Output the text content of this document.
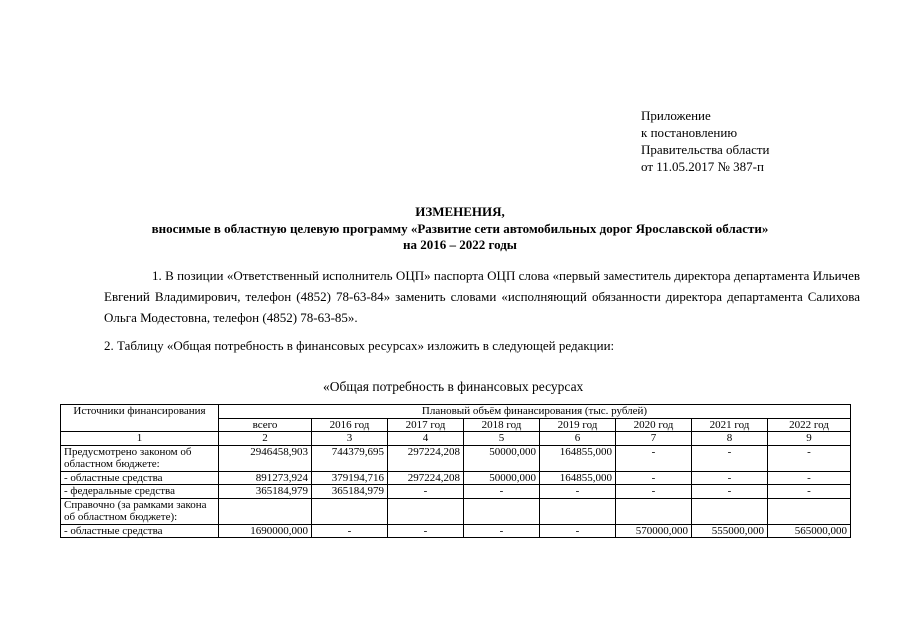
Приложение
к постановлению
Правительства области
от 11.05.2017 № 387-п
ИЗМЕНЕНИЯ,
вносимые в областную целевую программу «Развитие сети автомобильных дорог Ярославской области»
на 2016 – 2022 годы
1. В позиции «Ответственный исполнитель ОЦП» паспорта ОЦП слова «первый заместитель директора департамента Ильичев Евгений Владимирович, телефон (4852) 78-63-84» заменить словами «исполняющий обязанности директора департамента Салихова Ольга Модестовна, телефон (4852) 78-63-85».
2. Таблицу «Общая потребность в финансовых ресурсах» изложить в следующей редакции:
«Общая потребность в финансовых ресурсах
Источники финансирования	Плановый объём финансирования (тыс. рублей)							
	всего	2016 год	2017 год	2018 год	2019 год	2020 год	2021 год	2022 год
1	2	3	4	5	6	7	8	9
Предусмотрено законом об областном бюджете:	2946458,903	744379,695	297224,208	50000,000	164855,000	-	-	-
- областные средства	891273,924	379194,716	297224,208	50000,000	164855,000	-	-	-
- федеральные средства	365184,979	365184,979	-	-	-	-	-	-
Справочно (за рамками закона об областном бюджете):								
- областные средства	1690000,000	-	-	-	-	570000,000	555000,000	565000,000
